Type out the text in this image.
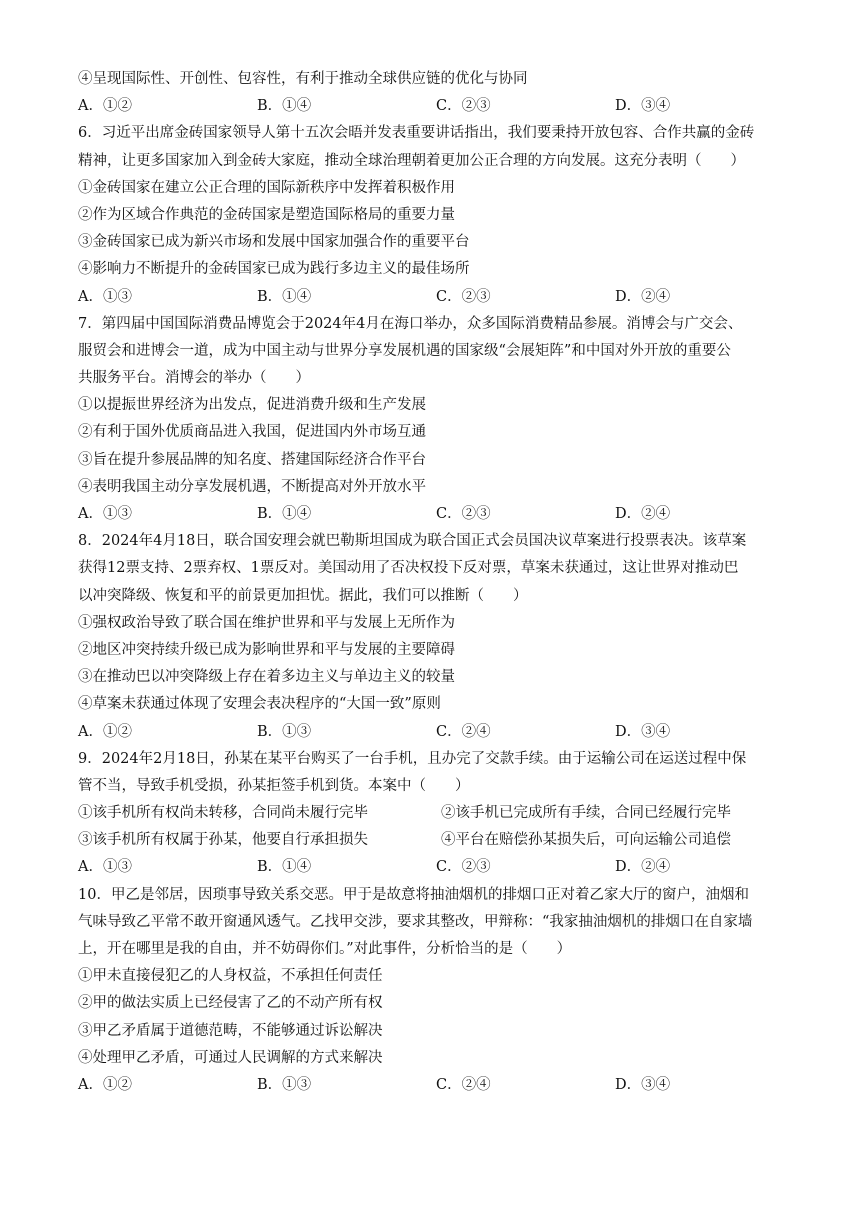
④呈现国际性、开创性、包容性，有利于推动全球供应链的优化与协同
A．①②	B．①④	C．②③	D．③④
6．习近平出席金砖国家领导人第十五次会晤并发表重要讲话指出，我们要秉持开放包容、合作共赢的金砖
精神，让更多国家加入到金砖大家庭，推动全球治理朝着更加公正合理的方向发展。这充分表明（　　）
①金砖国家在建立公正合理的国际新秩序中发挥着积极作用
②作为区域合作典范的金砖国家是塑造国际格局的重要力量
③金砖国家已成为新兴市场和发展中国家加强合作的重要平台
④影响力不断提升的金砖国家已成为践行多边主义的最佳场所
A．①③	B．①④	C．②③	D．②④
7．第四届中国国际消费品博览会于2024年4月在海口举办，众多国际消费精品参展。消博会与广交会、
服贸会和进博会一道，成为中国主动与世界分享发展机遇的国家级“会展矩阵”和中国对外开放的重要公
共服务平台。消博会的举办（　　）
①以提振世界经济为出发点，促进消费升级和生产发展
②有利于国外优质商品进入我国，促进国内外市场互通
③旨在提升参展品牌的知名度、搭建国际经济合作平台
④表明我国主动分享发展机遇，不断提高对外开放水平
A．①③	B．①④	C．②③	D．②④
8．2024年4月18日，联合国安理会就巴勒斯坦国成为联合国正式会员国决议草案进行投票表决。该草案
获得12票支持、2票弃权、1票反对。美国动用了否决权投下反对票，草案未获通过，这让世界对推动巴
以冲突降级、恢复和平的前景更加担忧。据此，我们可以推断（　　）
①强权政治导致了联合国在维护世界和平与发展上无所作为
②地区冲突持续升级已成为影响世界和平与发展的主要障碍
③在推动巴以冲突降级上存在着多边主义与单边主义的较量
④草案未获通过体现了安理会表决程序的“大国一致”原则
A．①②	B．①③	C．②④	D．③④
9．2024年2月18日，孙某在某平台购买了一台手机，且办完了交款手续。由于运输公司在运送过程中保
管不当，导致手机受损，孙某拒签手机到货。本案中（　　）
①该手机所有权尚未转移，合同尚未履行完毕	②该手机已完成所有手续，合同已经履行完毕
③该手机所有权属于孙某，他要自行承担损失	④平台在赔偿孙某损失后，可向运输公司追偿
A．①③	B．①④	C．②③	D．②④
10．甲乙是邻居，因琐事导致关系交恶。甲于是故意将抽油烟机的排烟口正对着乙家大厅的窗户，油烟和
气味导致乙平常不敢开窗通风透气。乙找甲交涉，要求其整改，甲辩称：“我家抽油烟机的排烟口在自家墙
上，开在哪里是我的自由，并不妨碍你们。”对此事件，分析恰当的是（　　）
①甲未直接侵犯乙的人身权益，不承担任何责任
②甲的做法实质上已经侵害了乙的不动产所有权
③甲乙矛盾属于道德范畴，不能够通过诉讼解决
④处理甲乙矛盾，可通过人民调解的方式来解决
A．①②	B．①③	C．②④	D．③④
